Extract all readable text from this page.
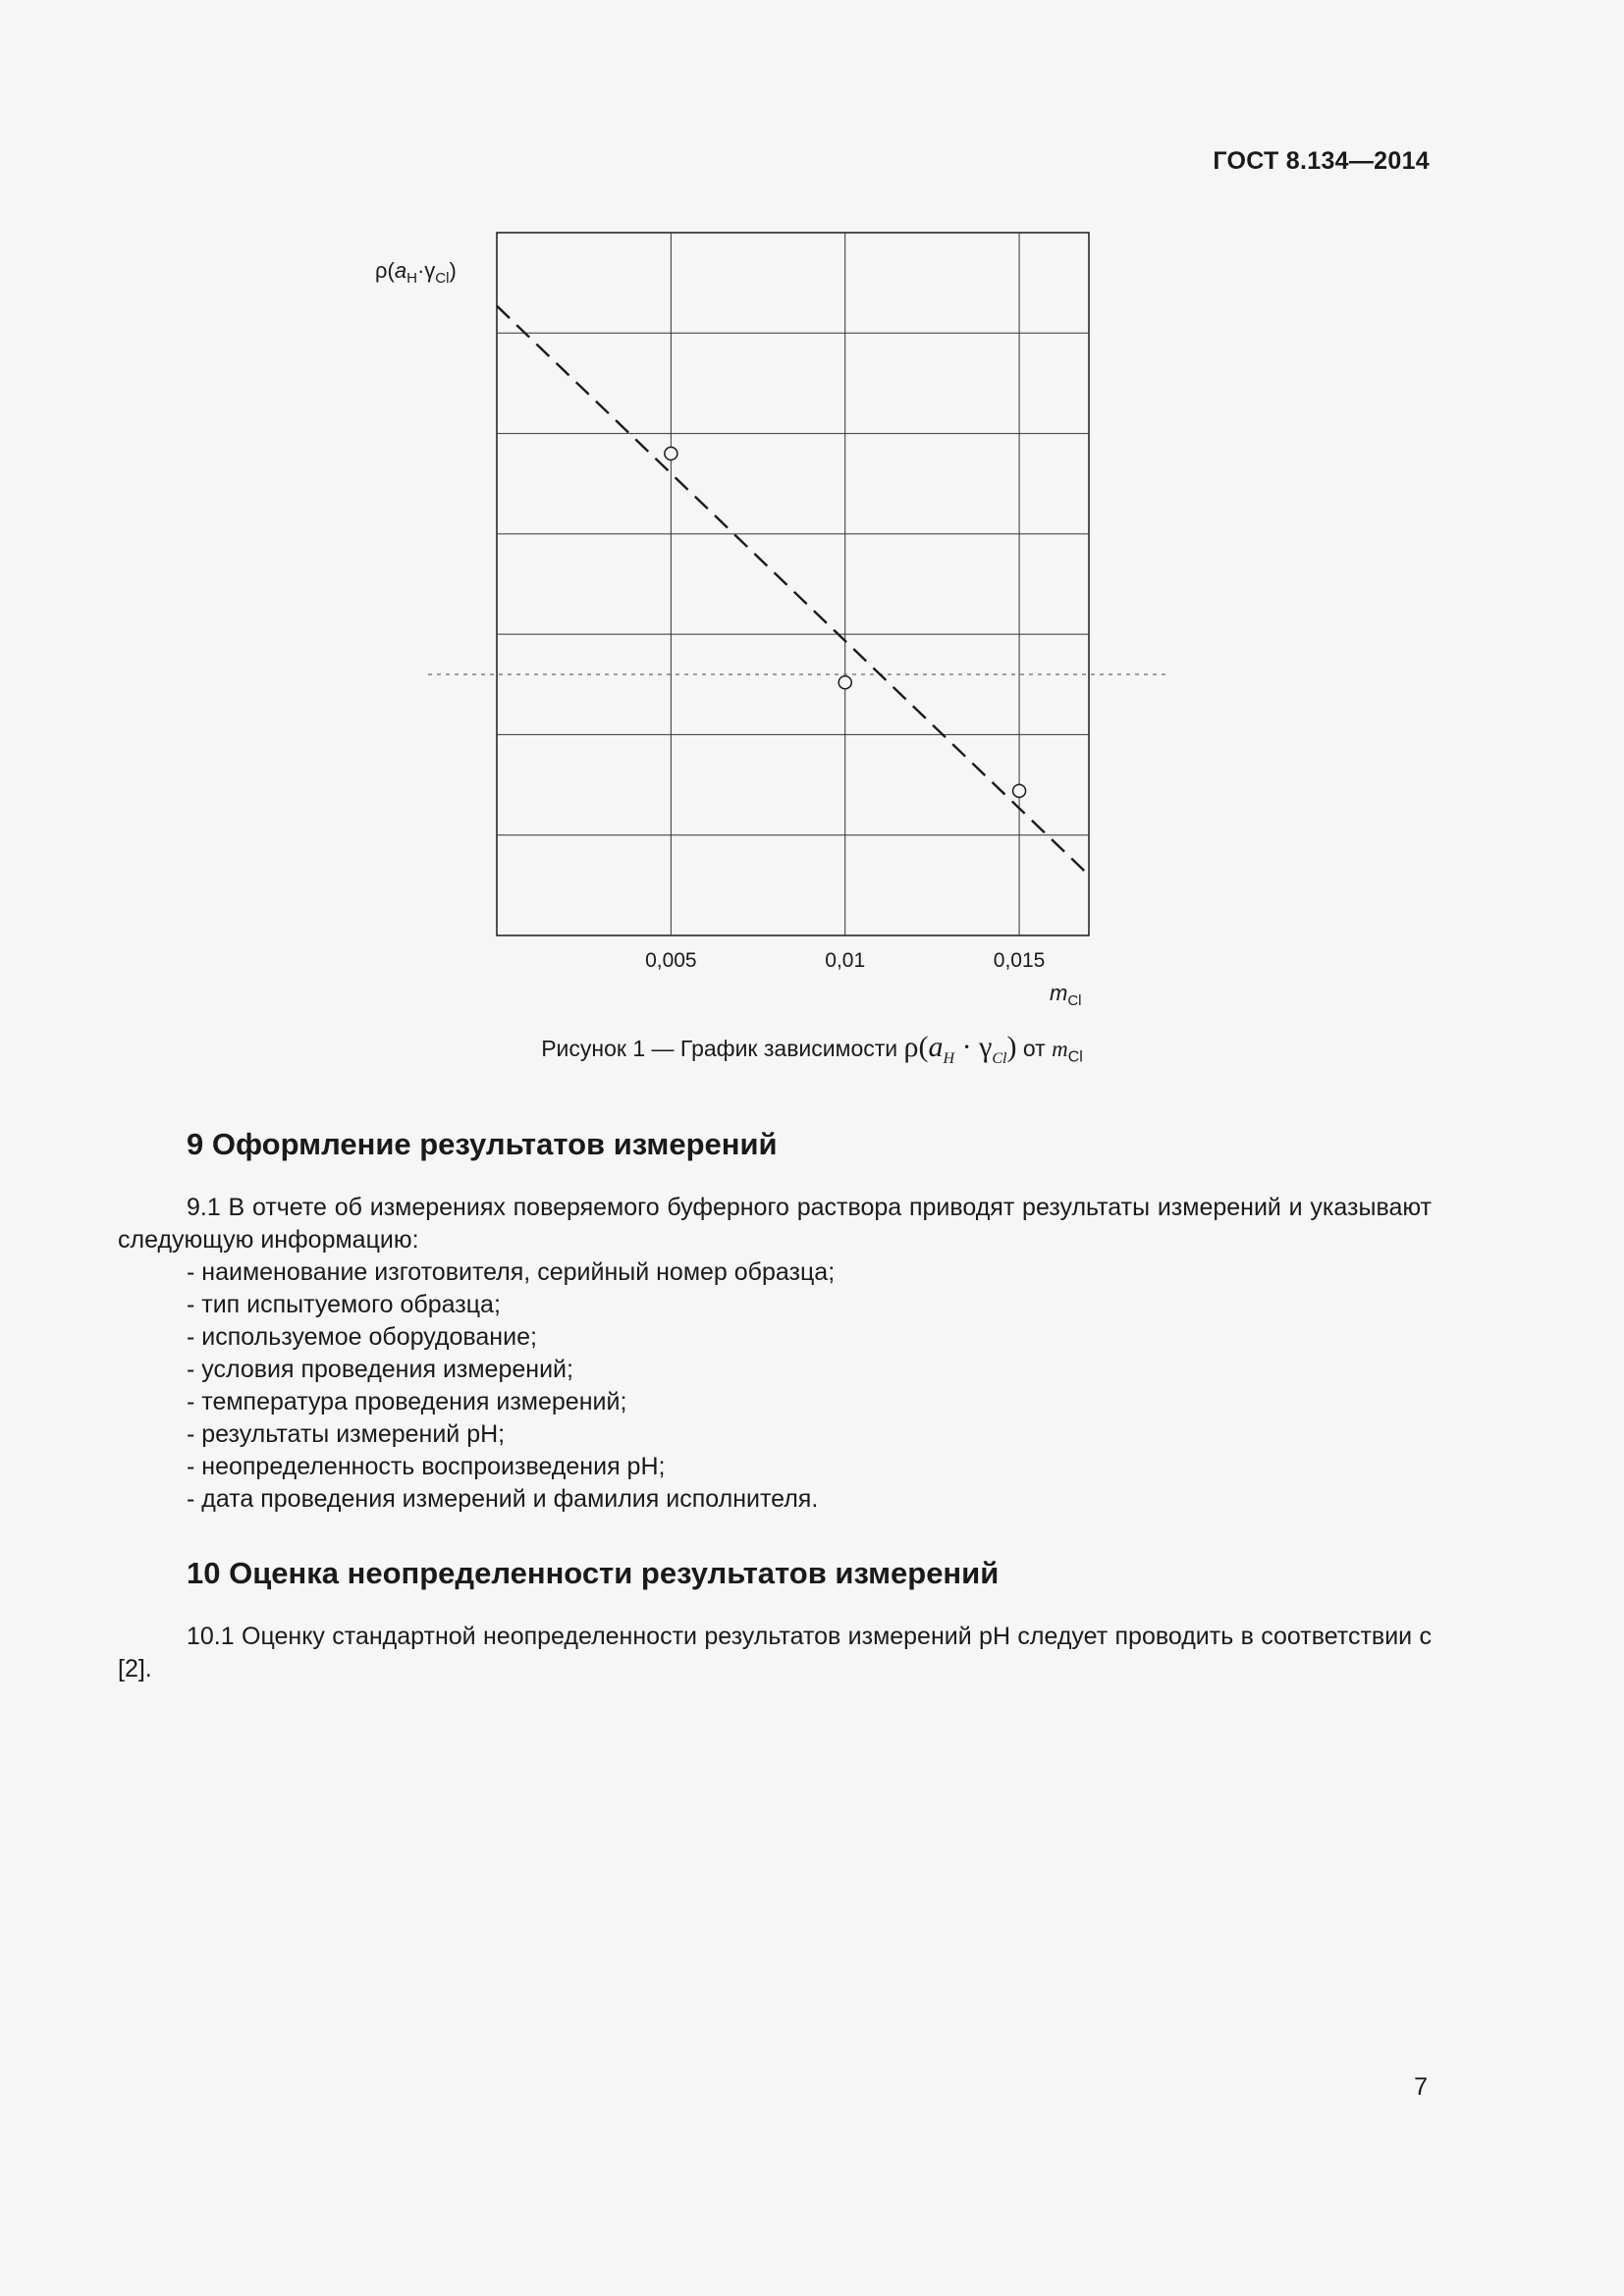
ГОСТ 8.134—2014
$\rho(a_H\cdot\gamma_{Cl})$
0,005	0,01	0,015
$m_{Cl}$
Рисунок 1 — График зависимости $\rho(a_H \cdot \gamma_{Cl})$ от $m_{Cl}$
9 Оформление результатов измерений

9.1 В отчете об измерениях поверяемого буферного раствора приводят результаты измерений и указывают следующую информацию:

- наименование изготовителя, серийный номер образца;
- тип испытуемого образца;
- используемое оборудование;
- условия проведения измерений;
- температура проведения измерений;
- результаты измерений pH;
- неопределенность воспроизведения pH;
- дата проведения измерений и фамилия исполнителя.
10 Оценка неопределенности результатов измерений

10.1 Оценку стандартной неопределенности результатов измерений pH следует проводить в соответствии с [2].

7
